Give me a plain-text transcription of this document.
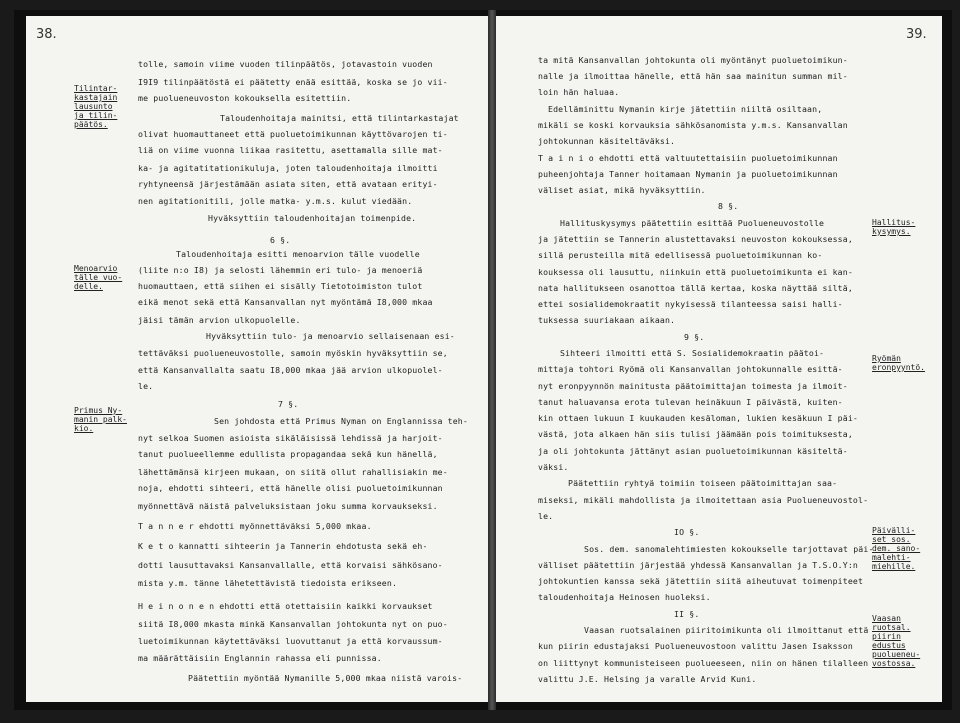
38.
Tilintar-
kastajain
lausunto
ja tilin-
päätös.
Menoarvio
tälle vuo-
delle.
Primus Ny-
manin palk-
kio.
tolle, samoin viime vuoden tilinpäätös, jotavastoin vuoden
I9I9 tilinpäätöstä ei päätetty enää esittää, koska se jo vii-
me puolueneuvoston kokouksella esitettiin.
Taloudenhoitaja mainitsi, että tilintarkastajat
olivat huomauttaneet että puoluetoimikunnan käyttövarojen ti-
liä on viime vuonna liikaa rasitettu, asettamalla sille mat-
ka- ja agitatitationikuluja, joten taloudenhoitaja ilmoitti
ryhtyneensä järjestämään asiata siten, että avataan erityi-
nen agitationitili, jolle matka- y.m.s. kulut viedään.
Hyväksyttiin taloudenhoitajan toimenpide.
6 §.
Taloudenhoitaja esitti menoarvion tälle vuodelle
(liite n:o I8) ja selosti lähemmin eri tulo- ja menoeriä
huomauttaen, että siihen ei sisälly Tietotoimiston tulot
eikä menot sekä että Kansanvallan nyt myöntämä I8,000 mkaa
jäisi tämän arvion ulkopuolelle.
Hyväksyttiin tulo- ja menoarvio sellaisenaan esi-
tettäväksi puolueneuvostolle, samoin myöskin hyväksyttiin se,
että Kansanvallalta saatu I8,000 mkaa jää arvion ulkopuolel-
le.
7 §.
Sen johdosta että Primus Nyman on Englannissa teh-
nyt selkoa Suomen asioista sikäläisissä lehdissä ja harjoit-
tanut puolueellemme edullista propagandaa sekä kun hänellä,
lähettämänsä kirjeen mukaan, on siitä ollut rahallisiakin me-
noja, ehdotti sihteeri, että hänelle olisi puoluetoimikunnan
myönnettävä näistä palveluksistaan joku summa korvaukseksi.
T a n n e r ehdotti myönnettäväksi 5,000 mkaa.
K e t o kannatti sihteerin ja Tannerin ehdotusta sekä eh-
dotti lausuttavaksi Kansanvallalle, että korvaisi sähkösano-
mista y.m. tänne lähetettävistä tiedoista erikseen.
H e i n o n e n ehdotti että otettaisiin kaikki korvaukset
siitä I8,000 mkasta minkä Kansanvallan johtokunta nyt on puo-
luetoimikunnan käytettäväksi luovuttanut ja että korvaussum-
ma määrättäisiin Englannin rahassa eli punnissa.
Päätettiin myöntää Nymanille 5,000 mkaa niistä varois-
39.
Hallitus-
kysymys.
Ryömän
eronpyyntö.
Päivälli-
set sos.
dem. sano-
malehti-
miehille.
Vaasan
ruotsal.
piirin
edustus
puolueneu-
vostossa.
ta mitä Kansanvallan johtokunta oli myöntänyt puoluetoimikun-
nalle ja ilmoittaa hänelle, että hän saa mainitun summan mil-
loin hän haluaa.
Edelläminittu Nymanin kirje jätettiin niiltä osiltaan,
mikäli se koski korvauksia sähkösanomista y.m.s. Kansanvallan
johtokunnan käsiteltäväksi.
T a i n i o ehdotti että valtuutettaisiin puoluetoimikunnan
puheenjohtaja Tanner hoitamaan Nymanin ja puoluetoimikunnan
väliset asiat, mikä hyväksyttiin.
8 §.
Hallituskysymys päätettiin esittää Puolueneuvostolle
ja jätettiin se Tannerin alustettavaksi neuvoston kokouksessa,
sillä perusteilla mitä edellisessä puoluetoimikunnan ko-
kouksessa oli lausuttu, niinkuin että puoluetoimikunta ei kan-
nata hallitukseen osanottoa tällä kertaa, koska näyttää siltä,
ettei sosialidemokraatit nykyisessä tilanteessa saisi halli-
tuksessa suuriakaan aikaan.
9 §.
Sihteeri ilmoitti että S. Sosialidemokraatin päätoi-
mittaja tohtori Ryömä oli Kansanvallan johtokunnalle esittä-
nyt eronpyynnön mainitusta päätoimittajan toimesta ja ilmoit-
tanut haluavansa erota tulevan heinäkuun I päivästä, kuiten-
kin ottaen lukuun I kuukauden kesäloman, lukien kesäkuun I päi-
västä, jota alkaen hän siis tulisi jäämään pois toimituksesta,
ja oli johtokunta jättänyt asian puoluetoimikunnan käsiteltä-
väksi.
Päätettiin ryhtyä toimiin toiseen päätoimittajan saa-
miseksi, mikäli mahdollista ja ilmoitettaan asia Puolueneuvostol-
le.
IO §.
Sos. dem. sanomalehtimiesten kokoukselle tarjottavat päi-
välliset päätettiin järjestää yhdessä Kansanvallan ja T.S.O.Y:n
johtokuntien kanssa sekä jätettiin siitä aiheutuvat toimenpiteet
taloudenhoitaja Heinosen huoleksi.
II §.
Vaasan ruotsalainen piiritoimikunta oli ilmoittanut että
kun piirin edustajaksi Puolueneuvostoon valittu Jasen Isaksson
on liittynyt kommunisteiseen puolueeseen, niin on hänen tilalleen
valittu J.E. Helsing ja varalle Arvid Kuni.
